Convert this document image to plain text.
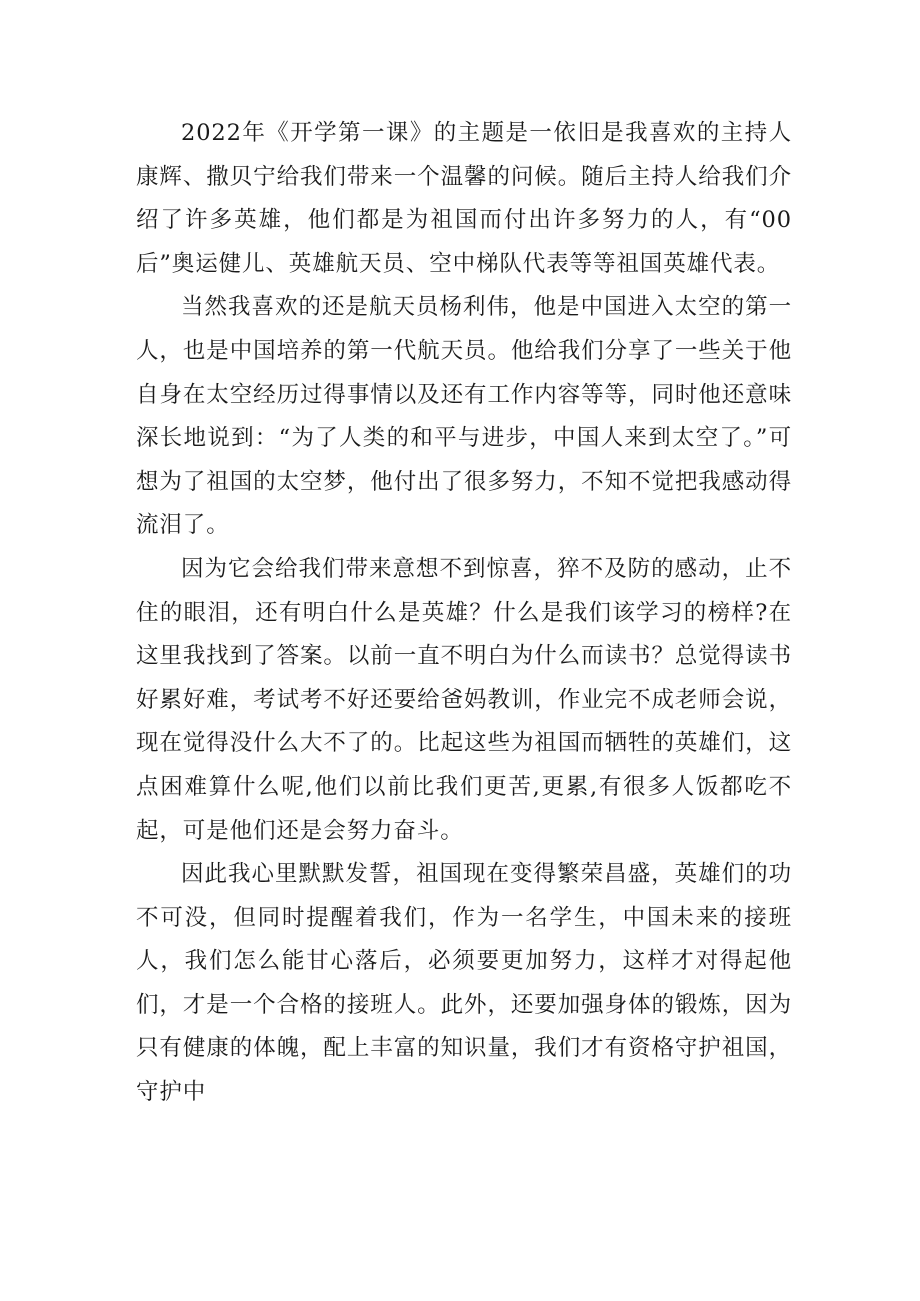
2022年《开学第一课》的主题是一依旧是我喜欢的主持人康辉、撒贝宁给我们带来一个温馨的问候。随后主持人给我们介绍了许多英雄，他们都是为祖国而付出许多努力的人，有“00后”奥运健儿、英雄航天员、空中梯队代表等等祖国英雄代表。

当然我喜欢的还是航天员杨利伟，他是中国进入太空的第一人，也是中国培养的第一代航天员。他给我们分享了一些关于他自身在太空经历过得事情以及还有工作内容等等，同时他还意味深长地说到：“为了人类的和平与进步，中国人来到太空了。”可想为了祖国的太空梦，他付出了很多努力，不知不觉把我感动得流泪了。

因为它会给我们带来意想不到惊喜，猝不及防的感动，止不住的眼泪，还有明白什么是英雄？什么是我们该学习的榜样?在这里我找到了答案。以前一直不明白为什么而读书？总觉得读书好累好难，考试考不好还要给爸妈教训，作业完不成老师会说，现在觉得没什么大不了的。比起这些为祖国而牺牲的英雄们，这点困难算什么呢,他们以前比我们更苦,更累,有很多人饭都吃不起，可是他们还是会努力奋斗。

因此我心里默默发誓，祖国现在变得繁荣昌盛，英雄们的功不可没，但同时提醒着我们，作为一名学生，中国未来的接班人，我们怎么能甘心落后，必须要更加努力，这样才对得起他们，才是一个合格的接班人。此外，还要加强身体的锻炼，因为只有健康的体魄，配上丰富的知识量，我们才有资格守护祖国，守护中
